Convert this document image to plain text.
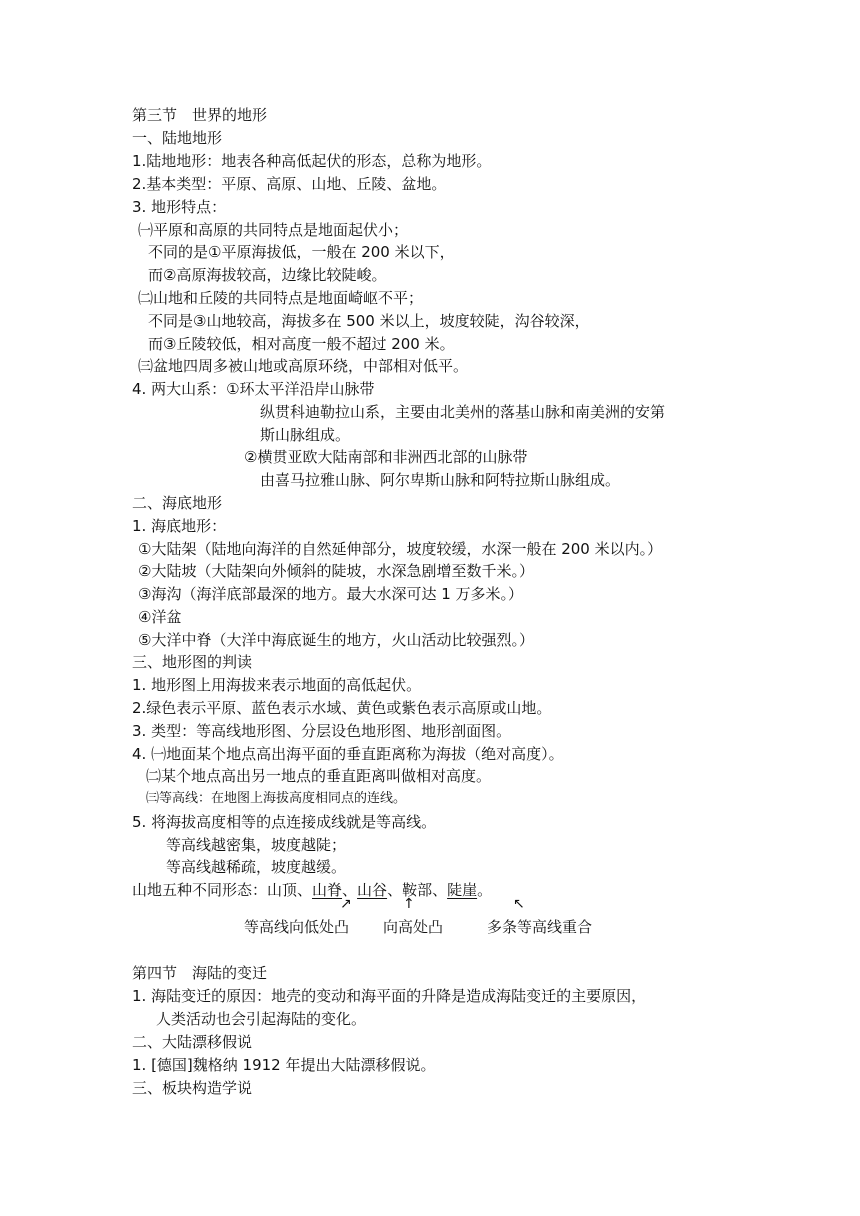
第三节　世界的地形
一、陆地地形
1.陆地地形：地表各种高低起伏的形态，总称为地形。
2.基本类型：平原、高原、山地、丘陵、盆地。
3. 地形特点：
㈠平原和高原的共同特点是地面起伏小；
不同的是①平原海拔低，一般在 200 米以下，
而②高原海拔较高，边缘比较陡峻。
㈡山地和丘陵的共同特点是地面崎岖不平；
不同是③山地较高，海拔多在 500 米以上，坡度较陡，沟谷较深，
而③丘陵较低，相对高度一般不超过 200 米。
㈢盆地四周多被山地或高原环绕，中部相对低平。
4. 两大山系：①环太平洋沿岸山脉带
纵贯科迪勒拉山系，主要由北美州的落基山脉和南美洲的安第
斯山脉组成。
②横贯亚欧大陆南部和非洲西北部的山脉带
由喜马拉雅山脉、阿尔卑斯山脉和阿特拉斯山脉组成。
二、海底地形
1. 海底地形：
①大陆架（陆地向海洋的自然延伸部分，坡度较缓，水深一般在 200 米以内。）
②大陆坡（大陆架向外倾斜的陡坡，水深急剧增至数千米。）
③海沟（海洋底部最深的地方。最大水深可达 1 万多米。）
④洋盆
⑤大洋中脊（大洋中海底诞生的地方，火山活动比较强烈。）
三、地形图的判读
1. 地形图上用海拔来表示地面的高低起伏。
2.绿色表示平原、蓝色表示水域、黄色或紫色表示高原或山地。
3. 类型：等高线地形图、分层设色地形图、地形剖面图。
4. ㈠地面某个地点高出海平面的垂直距离称为海拔（绝对高度）。
㈡某个地点高出另一地点的垂直距离叫做相对高度。
㈢等高线：在地图上海拔高度相同点的连线。
5. 将海拔高度相等的点连接成线就是等高线。
等高线越密集，坡度越陡；
等高线越稀疏，坡度越缓。
山地五种不同形态：山顶、山脊、山谷、鞍部、陡崖。
↗	↑	↖
等高线向低处凸 向高处凸	多条等高线重合
第四节　海陆的变迁
1. 海陆变迁的原因：地壳的变动和海平面的升降是造成海陆变迁的主要原因，
人类活动也会引起海陆的变化。
二、大陆漂移假说
1. [德国]魏格纳 1912 年提出大陆漂移假说。
三、板块构造学说
